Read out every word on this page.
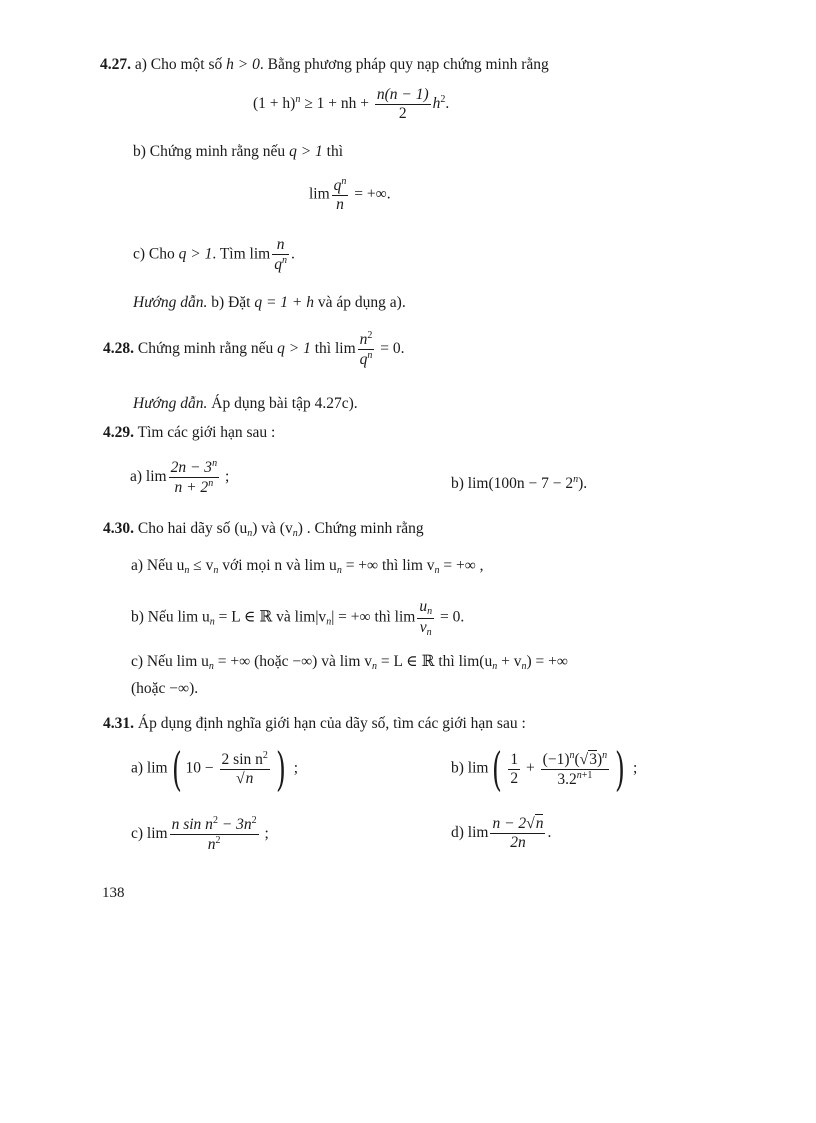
4.27. a) Cho một số h > 0. Bằng phương pháp quy nạp chứng minh rằng
$(1 + h)^n \ge 1$ + nh + $\frac{n(n - 1)}{2} h^2$.
b) Chứng minh rằng nếu q > 1 thì
$\lim \frac{q^n}{n}$ = +∞.
c) Cho q > 1. Tìm $\lim \frac{n}{q^n}$ .
Hướng dẫn. b) Đặt q = 1 + h và áp dụng a).
4.28. Chứng minh rằng nếu q > 1 thì $\lim \frac{n^2}{q^n} = 0$.
Hướng dẫn. Áp dụng bài tập 4.27c).
4.29. Tìm các giới hạn sau :
a) $\lim \frac{2n - 3^n}{n + 2^n}$ ;	b) $\lim(100n - 7 - 2^n)$.
4.30. Cho hai dãy số $(u_n)$ và $(v_n)$ . Chứng minh rằng
a) Nếu $u_n \le v_n$ với mọi n và $\lim u_n$ = +∞ thì $\lim v_n$ = +∞ ,
b) Nếu $\lim u_n = L$ ∈ ℝ và $\lim|v_n|$ = +∞ thì $\lim \frac{u_n}{v_n} = 0$.
c) Nếu $\lim u_n$ = +∞ (hoặc −∞) và $\lim v_n = L$ ∈ ℝ thì $\lim(u_n + v_n)$ = +∞
(hoặc −∞).
4.31. Áp dụng định nghĩa giới hạn của dãy số, tìm các giới hạn sau :
a) lim( $10 - \frac{2 \sin n^2}{√n}$ ) ;	b) $\lim( \frac{1}{2} + \frac{(-1)^n(√3)^n}{3.2^{n+1}}$ ) ;
c) $\lim \frac{n \sin n^2 - 3n^2}{n^2}$ ;	d) $\lim \frac{n - 2√n}{2n}$ .
138
